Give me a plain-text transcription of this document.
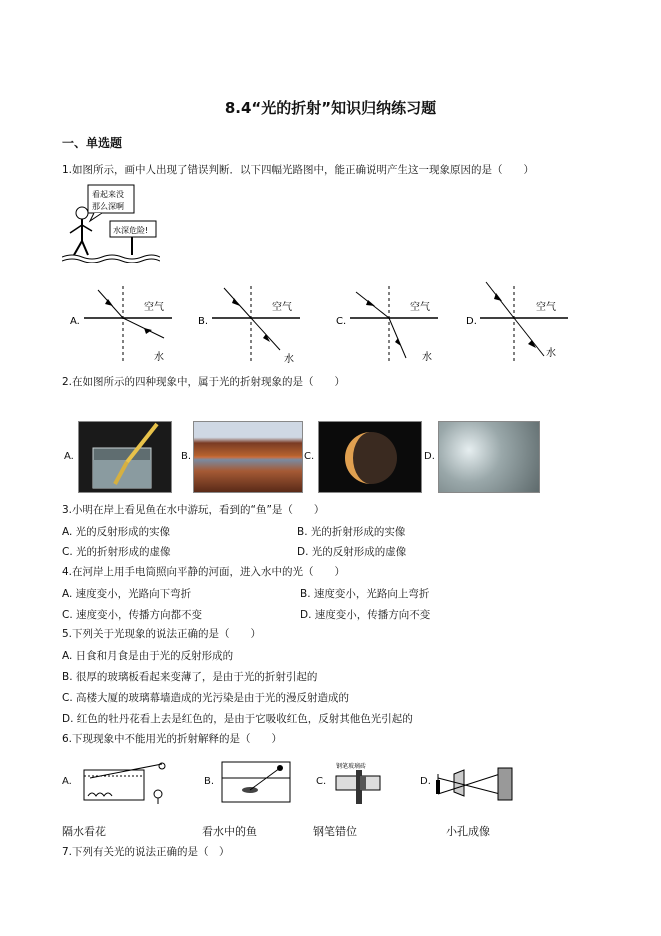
8.4“光的折射”知识归纳练习题
一、单选题
1.如图所示，画中人出现了错误判断．以下四幅光路图中，能正确说明产生这一现象原因的是（　　）
看起来没
那么深啊
水深危险!
A.
空气
水
B.
空气
水
C.
空气
水
D.
空气
水
2.在如图所示的四种现象中，属于光的折射现象的是（　　）
A.	B.	C.	D.
3.小明在岸上看见鱼在水中游玩，看到的“鱼”是（　　）
A. 光的反射形成的实像	B. 光的折射形成的实像
C. 光的折射形成的虚像	D. 光的反射形成的虚像
4.在河岸上用手电筒照向平静的河面，进入水中的光（　　）
A. 速度变小，光路向下弯折	B. 速度变小，光路向上弯折
C. 速度变小，传播方向都不变	D. 速度变小，传播方向不变
5.下列关于光现象的说法正确的是（　　）
A. 日食和月食是由于光的反射形成的
B. 很厚的玻璃板看起来变薄了，是由于光的折射引起的
C. 高楼大厦的玻璃幕墙造成的光污染是由于光的漫反射造成的
D. 红色的牡丹花看上去是红色的，是由于它吸收红色，反射其他色光引起的
6.下现现象中不能用光的折射解释的是（　　）
A.	B.	C.
钢笔玻璃砖
D.
隔水看花	看水中的鱼	钢笔错位	小孔成像
7.下列有关光的说法正确的是（　）
